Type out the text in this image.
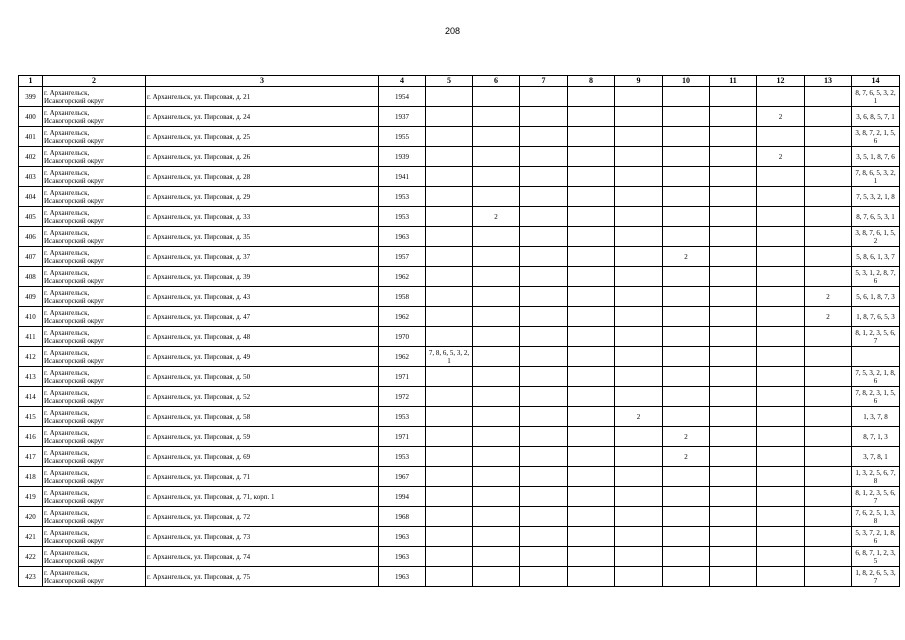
208
1	2	3	4	5	6	7	8	9	10	11	12	13	14
399	г. Архангельск,
Исакогорский округ	г. Архангельск, ул. Пирсовая, д. 21	1954										8, 7, 6, 5, 3, 2, 1
400	г. Архангельск,
Исакогорский округ	г. Архангельск, ул. Пирсовая, д. 24	1937								2		3, 6, 8, 5, 7, 1
401	г. Архангельск,
Исакогорский округ	г. Архангельск, ул. Пирсовая, д. 25	1955										3, 8, 7, 2, 1, 5, 6
402	г. Архангельск,
Исакогорский округ	г. Архангельск, ул. Пирсовая, д. 26	1939								2		3, 5, 1, 8, 7, 6
403	г. Архангельск,
Исакогорский округ	г. Архангельск, ул. Пирсовая, д. 28	1941										7, 8, 6, 5, 3, 2, 1
404	г. Архангельск,
Исакогорский округ	г. Архангельск, ул. Пирсовая, д. 29	1953										7, 5, 3, 2, 1, 8
405	г. Архангельск,
Исакогорский округ	г. Архангельск, ул. Пирсовая, д. 33	1953		2								8, 7, 6, 5, 3, 1
406	г. Архангельск,
Исакогорский округ	г. Архангельск, ул. Пирсовая, д. 35	1963										3, 8, 7, 6, 1, 5, 2
407	г. Архангельск,
Исакогорский округ	г. Архангельск, ул. Пирсовая, д. 37	1957						2				5, 8, 6, 1, 3, 7
408	г. Архангельск,
Исакогорский округ	г. Архангельск, ул. Пирсовая, д. 39	1962										5, 3, 1, 2, 8, 7, 6
409	г. Архангельск,
Исакогорский округ	г. Архангельск, ул. Пирсовая, д. 43	1958									2	5, 6, 1, 8, 7, 3
410	г. Архангельск,
Исакогорский округ	г. Архангельск, ул. Пирсовая, д. 47	1962									2	1, 8, 7, 6, 5, 3
411	г. Архангельск,
Исакогорский округ	г. Архангельск, ул. Пирсовая, д. 48	1970										8, 1, 2, 3, 5, 6, 7
412	г. Архангельск,
Исакогорский округ	г. Архангельск, ул. Пирсовая, д. 49	1962	7, 8, 6, 5, 3, 2, 1									
413	г. Архангельск,
Исакогорский округ	г. Архангельск, ул. Пирсовая, д. 50	1971										7, 5, 3, 2, 1, 8, 6
414	г. Архангельск,
Исакогорский округ	г. Архангельск, ул. Пирсовая, д. 52	1972										7, 8, 2, 3, 1, 5, 6
415	г. Архангельск,
Исакогорский округ	г. Архангельск, ул. Пирсовая, д. 58	1953					2					1, 3, 7, 8
416	г. Архангельск,
Исакогорский округ	г. Архангельск, ул. Пирсовая, д. 59	1971						2				8, 7, 1, 3
417	г. Архангельск,
Исакогорский округ	г. Архангельск, ул. Пирсовая, д. 69	1953						2				3, 7, 8, 1
418	г. Архангельск,
Исакогорский округ	г. Архангельск, ул. Пирсовая, д. 71	1967										1, 3, 2, 5, 6, 7, 8
419	г. Архангельск,
Исакогорский округ	г. Архангельск, ул. Пирсовая, д. 71, корп. 1	1994										8, 1, 2, 3, 5, 6, 7
420	г. Архангельск,
Исакогорский округ	г. Архангельск, ул. Пирсовая, д. 72	1968										7, 6, 2, 5, 1, 3, 8
421	г. Архангельск,
Исакогорский округ	г. Архангельск, ул. Пирсовая, д. 73	1963										5, 3, 7, 2, 1, 8, 6
422	г. Архангельск,
Исакогорский округ	г. Архангельск, ул. Пирсовая, д. 74	1963										6, 8, 7, 1, 2, 3, 5
423	г. Архангельск,
Исакогорский округ	г. Архангельск, ул. Пирсовая, д. 75	1963										1, 8, 2, 6, 5, 3, 7
